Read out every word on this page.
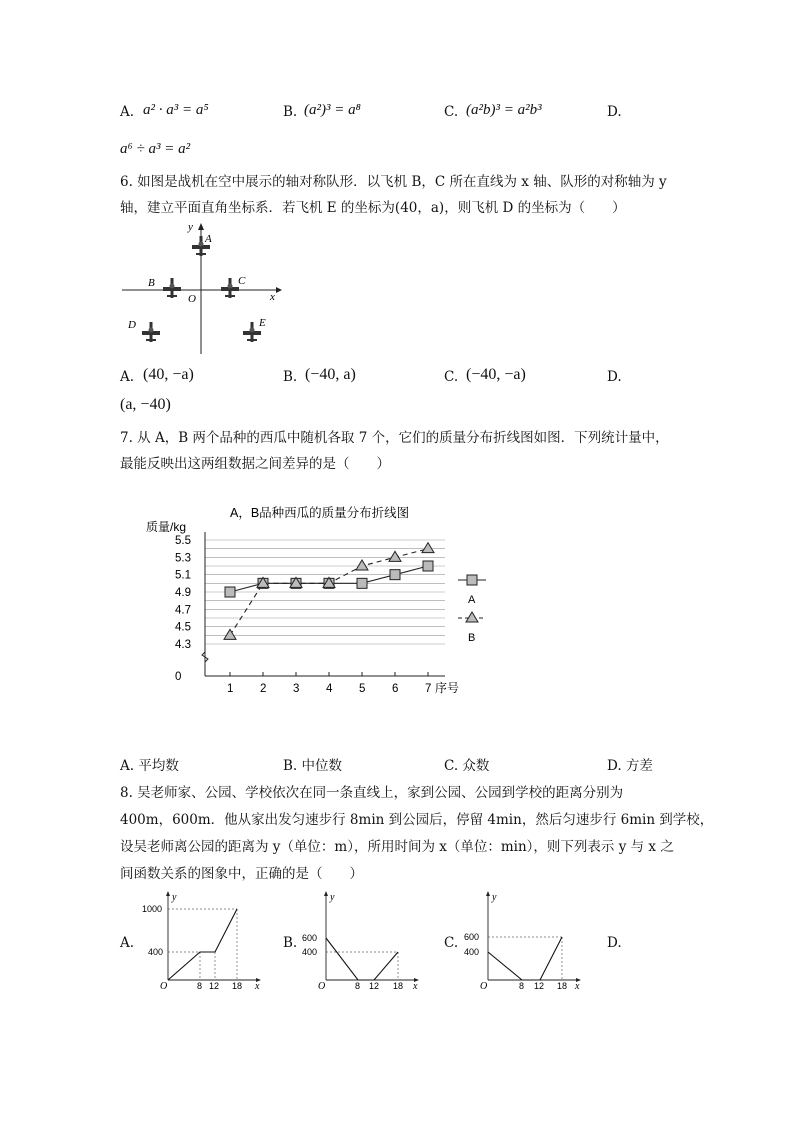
A. a² · a³ = a⁵	B. (a²)³ = a⁸	C. (a²b)³ = a²b³	D.
a⁶ ÷ a³ = a²
6. 如图是战机在空中展示的轴对称队形．以飞机 B，C 所在直线为 x 轴、队形的对称轴为 y
轴，建立平面直角坐标系．若飞机 E 的坐标为(40，a)，则飞机 D 的坐标为（　　）
y
x
O
A
B	C
D	E
A. (40, −a)	B. (−40, a)	C. (−40, −a)	D.
(a, −40)
7. 从 A，B 两个品种的西瓜中随机各取 7 个，它们的质量分布折线图如图．下列统计量中，
最能反映出这两组数据之间差异的是（　　）
A，B品种西瓜的质量分布折线图
质量/kg
序号
5.5
5.3
5.1
4.9
4.7
4.5
4.3
0
1 2 3 4 5 6 7
A
B
A. 平均数	B. 中位数	C. 众数	D. 方差
8. 吴老师家、公园、学校依次在同一条直线上，家到公园、公园到学校的距离分别为
400m，600m．他从家出发匀速步行 8min 到公园后，停留 4min，然后匀速步行 6min 到学校，
设吴老师离公园的距离为 y（单位：m），所用时间为 x（单位：min），则下列表示 y 与 x 之
间函数关系的图象中，正确的是（　　）
A.
y
x
O
1000
400
8 12 18
B.
y
x
O
600
400
8 12 18
C.
y
x
O
600
400
8 12 18
D.
